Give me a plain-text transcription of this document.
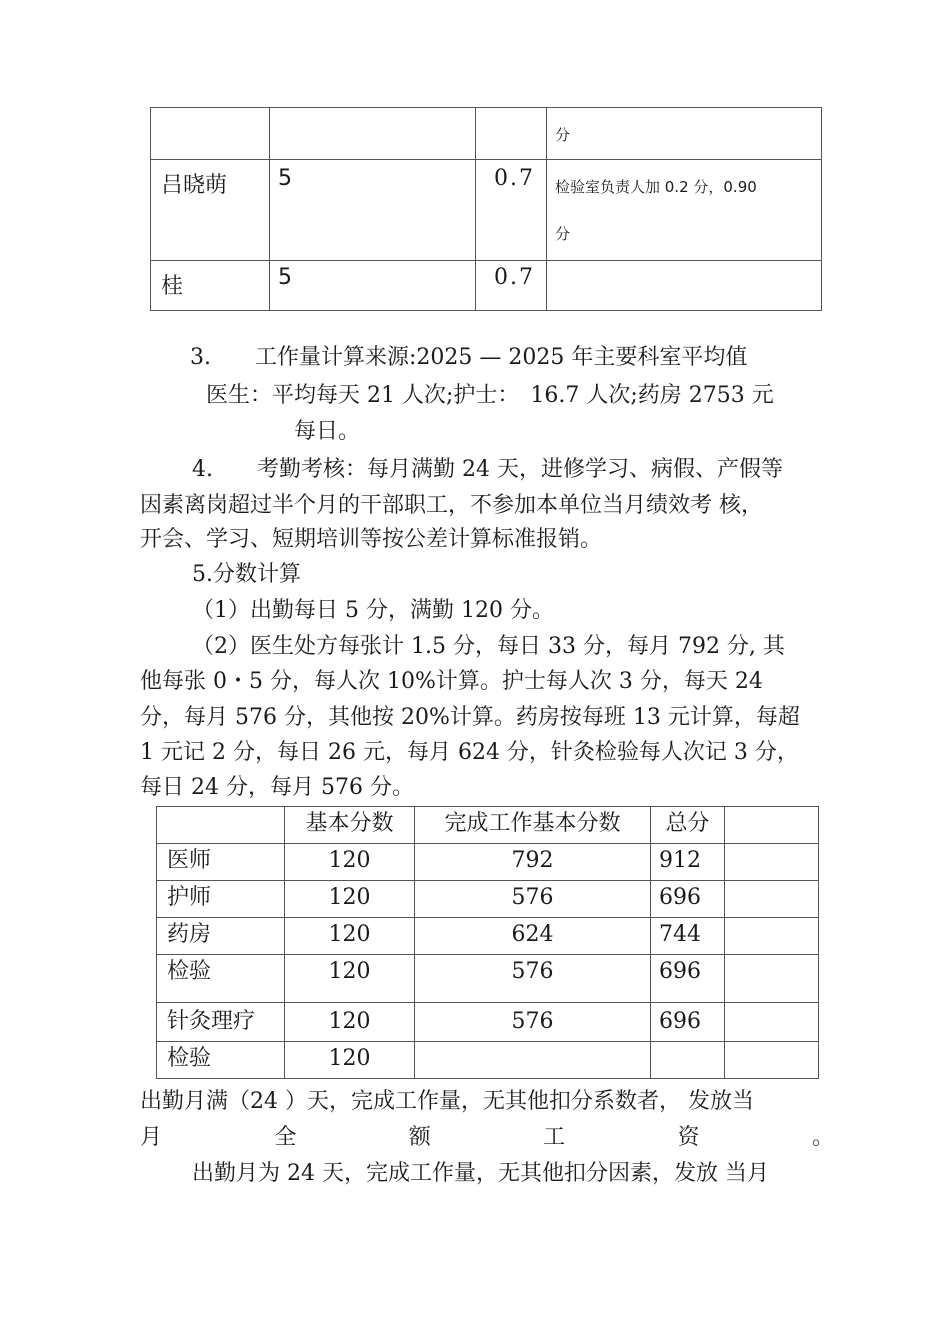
			分

吕晓萌	5	0.7	检验室负责人加 0.2 分，0.90
分

桂	5	0.7	

3.　　工作量计算来源:2025 — 2025 年主要科室平均值
医生：平均每天 21 人次;护士：　16.7 人次;药房 2753 元
每日。
4.　　考勤考核：每月满勤 24 天，进修学习、病假、产假等
因素离岗超过半个月的干部职工，不参加本单位当月绩效考 核，
开会、学习、短期培训等按公差计算标准报销。
5.分数计算
（1）出勤每日 5 分，满勤 120 分。
（2）医生处方每张计 1.5 分，每日 33 分，每月 792 分, 其
他每张 0・5 分，每人次 10%计算。护士每人次 3 分，每天 24
分，每月 576 分，其他按 20%计算。药房按每班 13 元计算，每超
1 元记 2 分，每日 26 元，每月 624 分，针灸检验每人次记 3 分，
每日 24 分，每月 576 分。
	基本分数	完成工作基本分数	总分	
医师	120	792	912	
护师	120	576	696	
药房	120	624	744	
检验	120	576	696	
针灸理疗	120	576	696	
检验	120			
出勤月满（24 ）天，完成工作量，无其他扣分系数者， 发放当
月	全	额	工	资	。
出勤月为 24 天，完成工作量，无其他扣分因素，发放 当月
